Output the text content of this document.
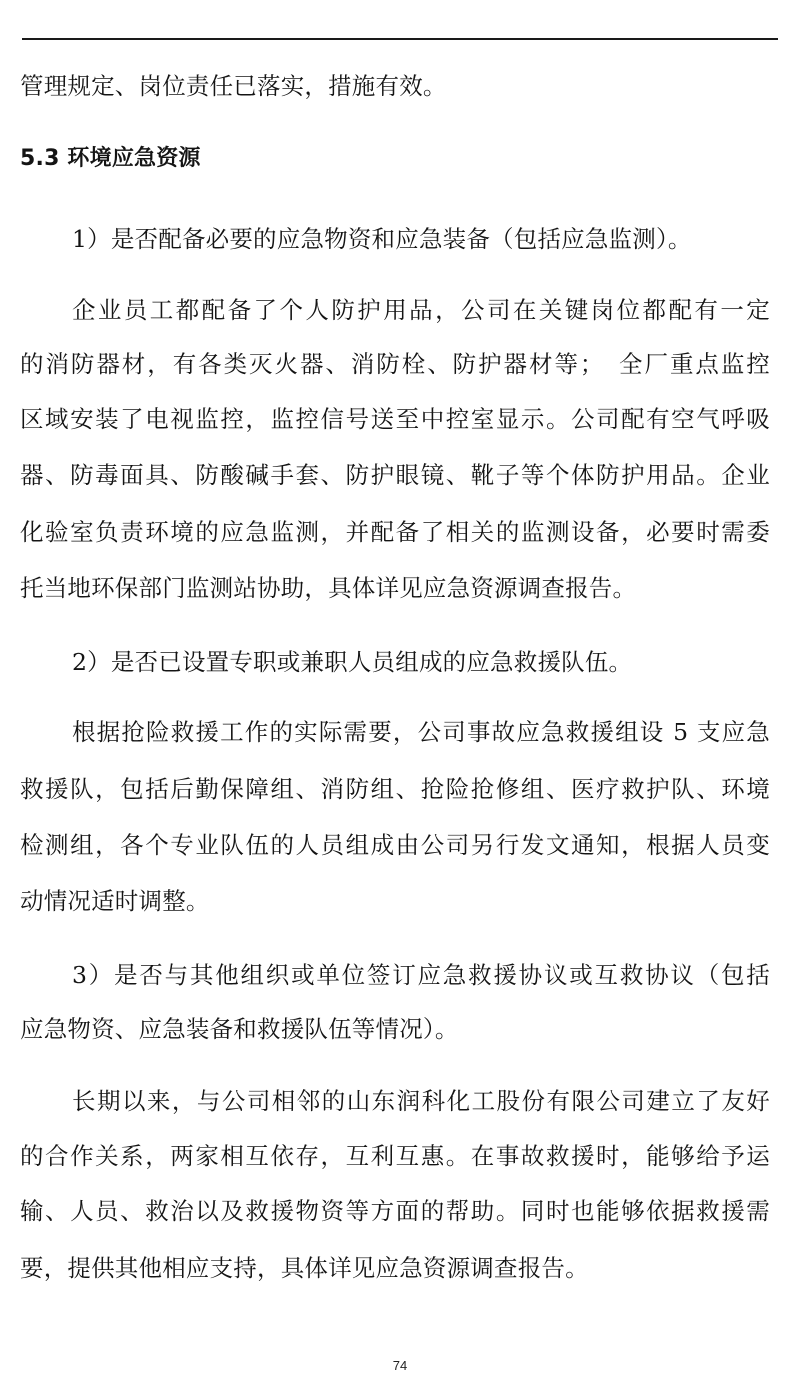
管理规定、岗位责任已落实，措施有效。
5.3 环境应急资源
1）是否配备必要的应急物资和应急装备（包括应急监测）。
企业员工都配备了个人防护用品，公司在关键岗位都配有一定
的消防器材，有各类灭火器、消防栓、防护器材等；　全厂重点监控
区域安装了电视监控，监控信号送至中控室显示。公司配有空气呼吸
器、防毒面具、防酸碱手套、防护眼镜、靴子等个体防护用品。企业
化验室负责环境的应急监测，并配备了相关的监测设备，必要时需委
托当地环保部门监测站协助，具体详见应急资源调查报告。
2）是否已设置专职或兼职人员组成的应急救援队伍。
根据抢险救援工作的实际需要，公司事故应急救援组设 5 支应急
救援队，包括后勤保障组、消防组、抢险抢修组、医疗救护队、环境
检测组，各个专业队伍的人员组成由公司另行发文通知，根据人员变
动情况适时调整。
3）是否与其他组织或单位签订应急救援协议或互救协议（包括
应急物资、应急装备和救援队伍等情况）。
长期以来，与公司相邻的山东润科化工股份有限公司建立了友好
的合作关系，两家相互依存，互利互惠。在事故救援时，能够给予运
输、人员、救治以及救援物资等方面的帮助。同时也能够依据救援需
要，提供其他相应支持，具体详见应急资源调查报告。
74
